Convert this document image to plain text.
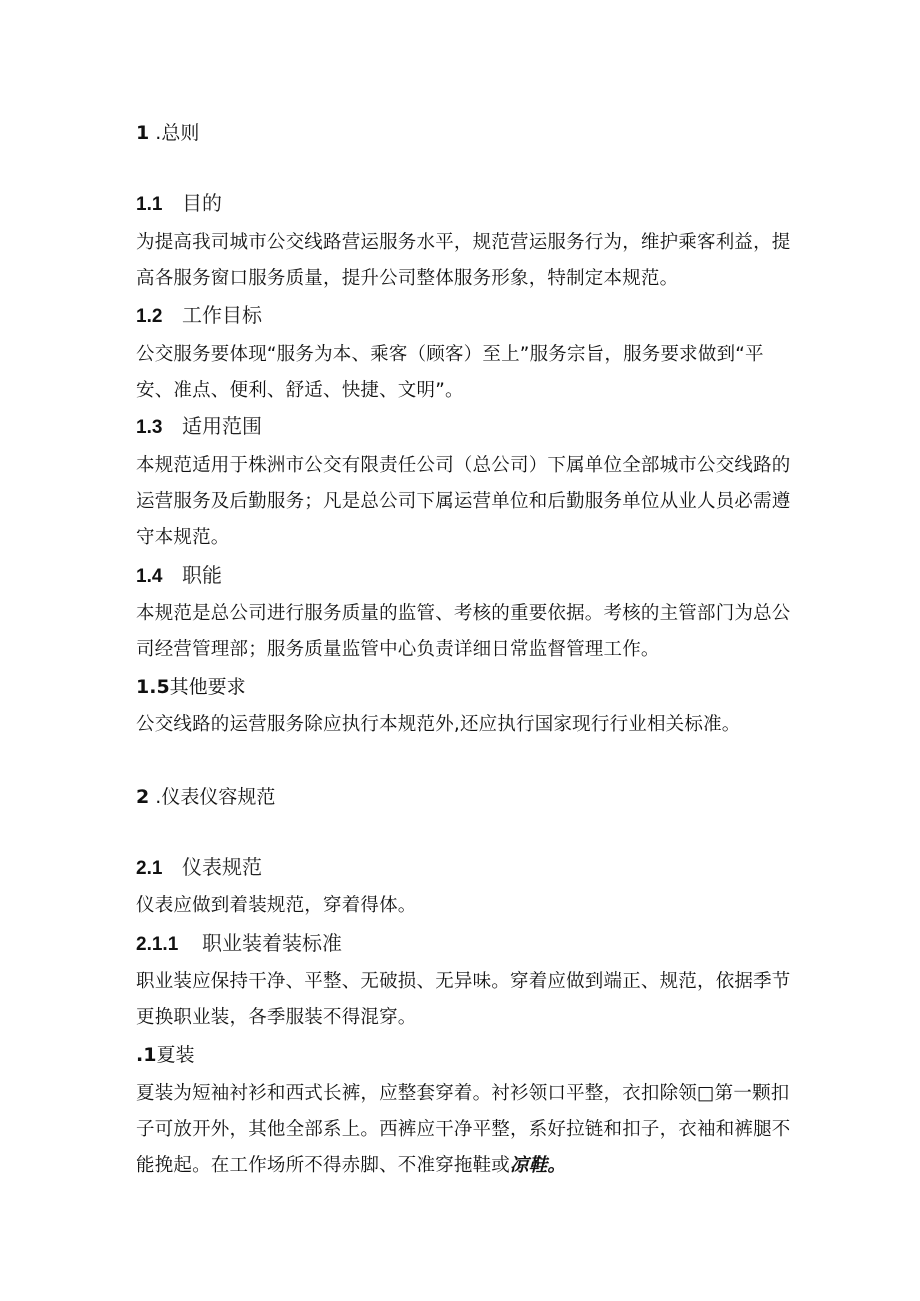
1 .总则
1.1 目的
为提高我司城市公交线路营运服务水平，规范营运服务行为，维护乘客利益，提
高各服务窗口服务质量，提升公司整体服务形象，特制定本规范。
1.2 工作目标
公交服务要体现“服务为本、乘客（顾客）至上”服务宗旨，服务要求做到“平
安、准点、便利、舒适、快捷、文明”。
1.3 适用范围
本规范适用于株洲市公交有限责任公司（总公司）下属单位全部城市公交线路的
运营服务及后勤服务；凡是总公司下属运营单位和后勤服务单位从业人员必需遵
守本规范。
1.4 职能
本规范是总公司进行服务质量的监管、考核的重要依据。考核的主管部门为总公
司经营管理部；服务质量监管中心负责详细日常监督管理工作。
1.5其他要求
公交线路的运营服务除应执行本规范外,还应执行国家现行行业相关标准。
2 .仪表仪容规范
2.1 仪表规范
仪表应做到着装规范，穿着得体。
2.1.1	职业装着装标准
职业装应保持干净、平整、无破损、无异味。穿着应做到端正、规范，依据季节
更换职业装，各季服装不得混穿。
.1夏装
夏装为短袖衬衫和西式长裤，应整套穿着。衬衫领口平整，衣扣除领□第一颗扣
子可放开外，其他全部系上。西裤应干净平整，系好拉链和扣子，衣袖和裤腿不
能挽起。在工作场所不得赤脚、不准穿拖鞋或凉鞋。
